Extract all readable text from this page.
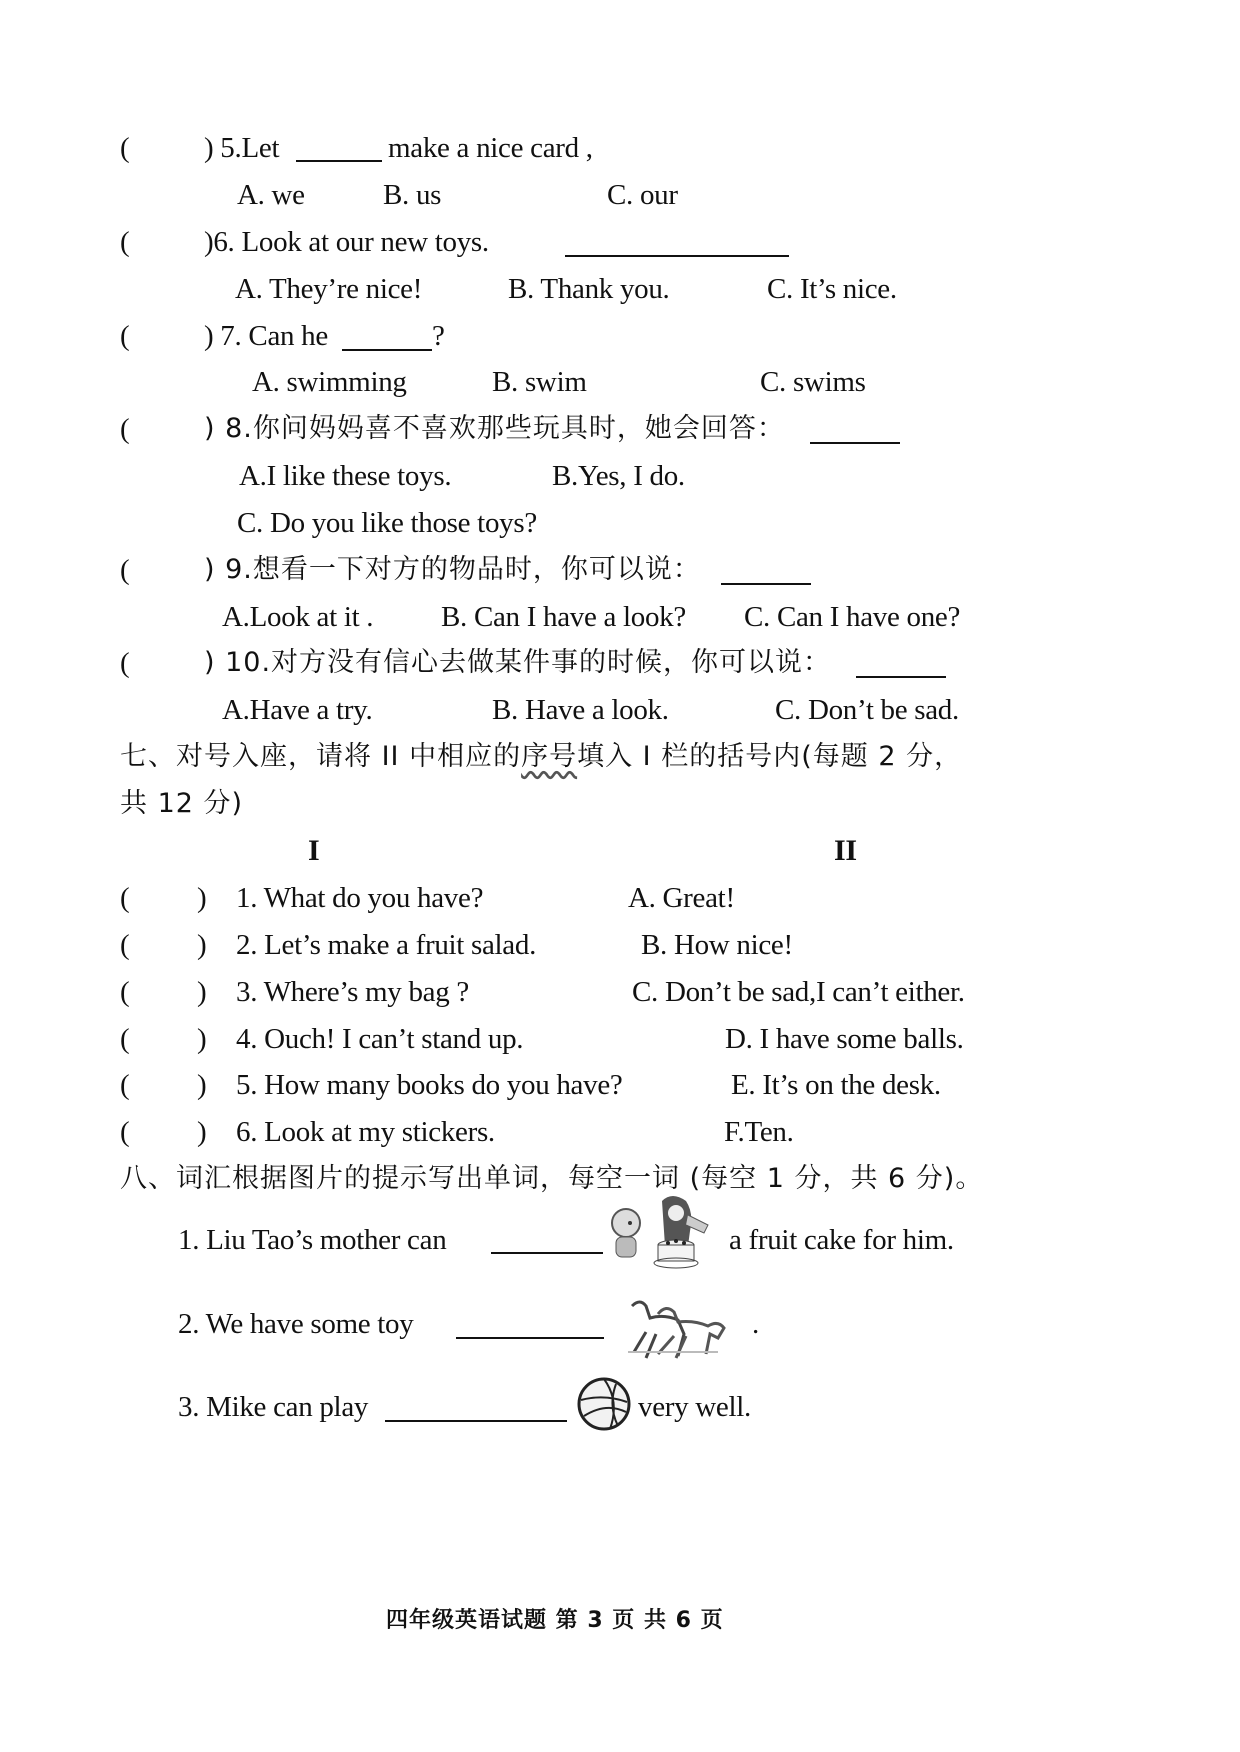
(	) 5.Let	make a nice card ,
A. we	B. us	C. our
(	)6. Look at our new toys.
A. They’re nice!	B. Thank you.	C. It’s nice.
(	) 7. Can he	?
A. swimming	B. swim	C. swims
(	) 8.你问妈妈喜不喜欢那些玩具时，她会回答：
A.I like these toys.	B.Yes, I do.
C. Do you like those toys?
(	) 9.想看一下对方的物品时，你可以说：
A.Look at it . B. Can I have a look? C. Can I have one?
(	) 10.对方没有信心去做某件事的时候，你可以说：
A.Have a try.	B. Have a look.	C. Don’t be sad.
七、对号入座，请将 II 中相应的序号填入 I 栏的括号内(每题 2 分，
共 12 分)
I	II
( ) 1. What do you have?	A. Great!
( ) 2. Let’s make a fruit salad.	B. How nice!
( ) 3. Where’s my bag ?	C. Don’t be sad,I can’t either.
( ) 4. Ouch! I can’t stand up.	D. I have some balls.
( ) 5. How many books do you have?	E. It’s on the desk.
( ) 6. Look at my stickers.	F.Ten.
八、词汇根据图片的提示写出单词，每空一词 (每空 1 分，共 6 分)。
1. Liu Tao’s mother can	a fruit cake for him.
2. We have some toy	.
3. Mike can play	very well.
四年级英语试题 第 3 页 共 6 页
